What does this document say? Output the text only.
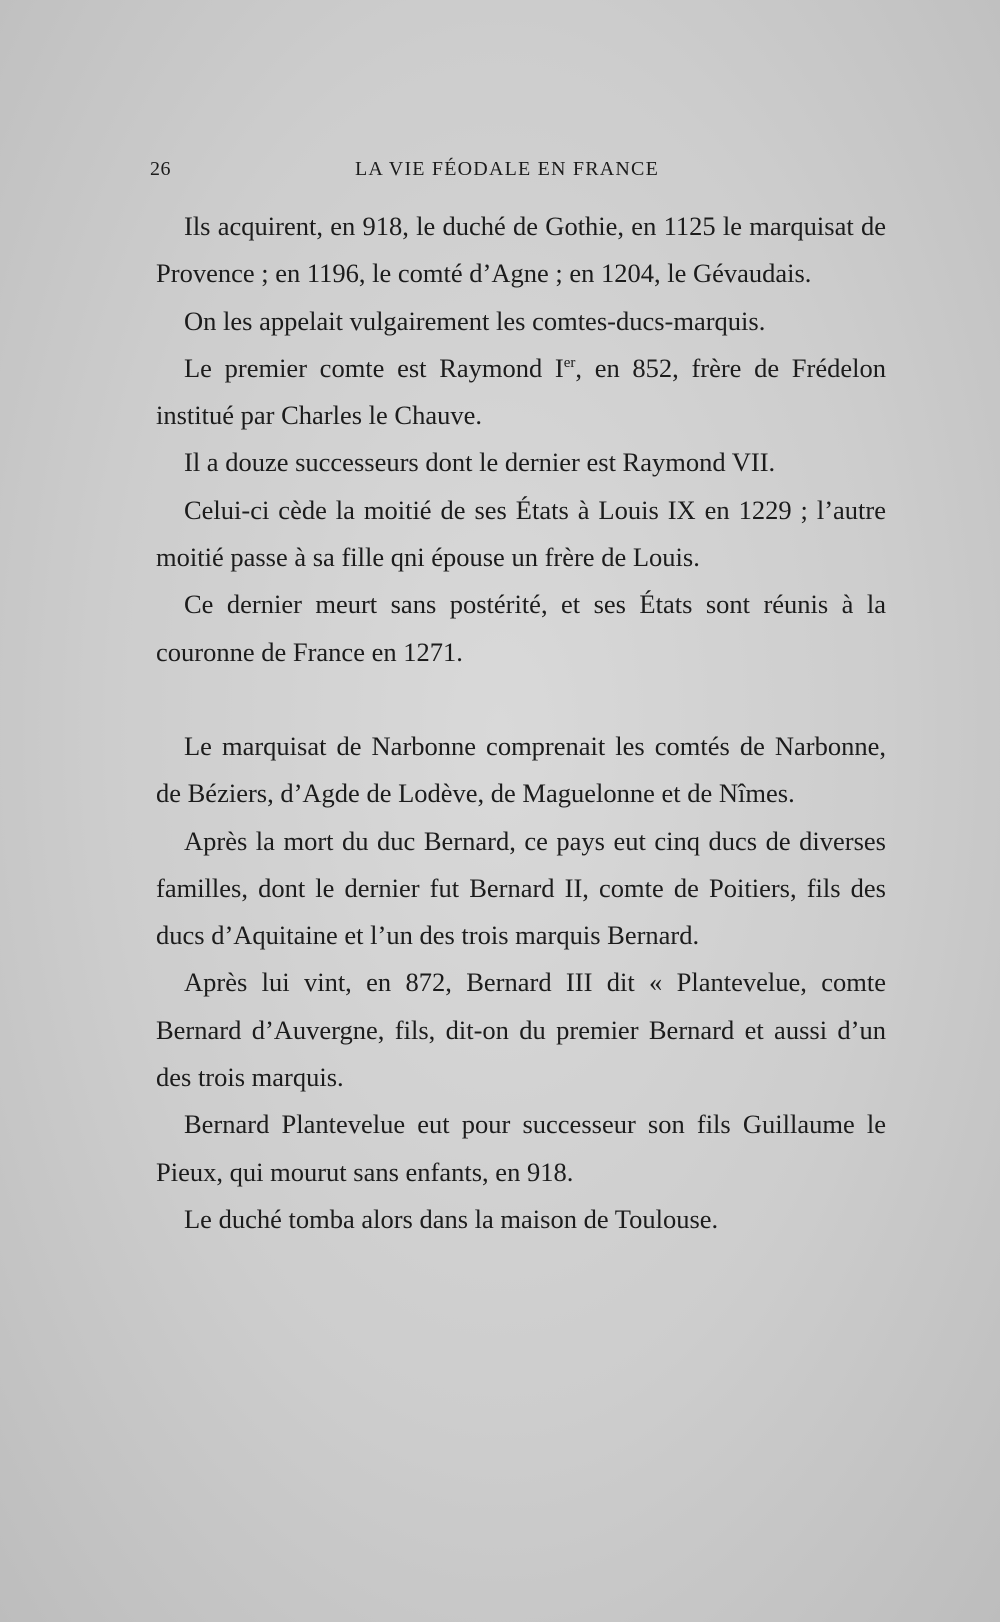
26	LA VIE FÉODALE EN FRANCE

Ils acquirent, en 918, le duché de Gothie, en 1125 le marquisat de Provence ; en 1196, le comté d’Agne ; en 1204, le Gévaudais.

On les appelait vulgairement les comtes-ducs-marquis.

Le premier comte est Raymond Ier, en 852, frère de Frédelon institué par Charles le Chauve.

Il a douze successeurs dont le dernier est Raymond VII.

Celui-ci cède la moitié de ses États à Louis IX en 1229 ; l’autre moitié passe à sa fille qni épouse un frère de Louis.

Ce dernier meurt sans postérité, et ses États sont réunis à la couronne de France en 1271.

Le marquisat de Narbonne comprenait les comtés de Narbonne, de Béziers, d’Agde de Lodève, de Maguelonne et de Nîmes.

Après la mort du duc Bernard, ce pays eut cinq ducs de diverses familles, dont le dernier fut Bernard II, comte de Poitiers, fils des ducs d’Aquitaine et l’un des trois marquis Bernard.

Après lui vint, en 872, Bernard III dit « Plantevelue, comte Bernard d’Auvergne, fils, dit-on du premier Bernard et aussi d’un des trois marquis.

Bernard Plantevelue eut pour successeur son fils Guillaume le Pieux, qui mourut sans enfants, en 918.

Le duché tomba alors dans la maison de Toulouse.
